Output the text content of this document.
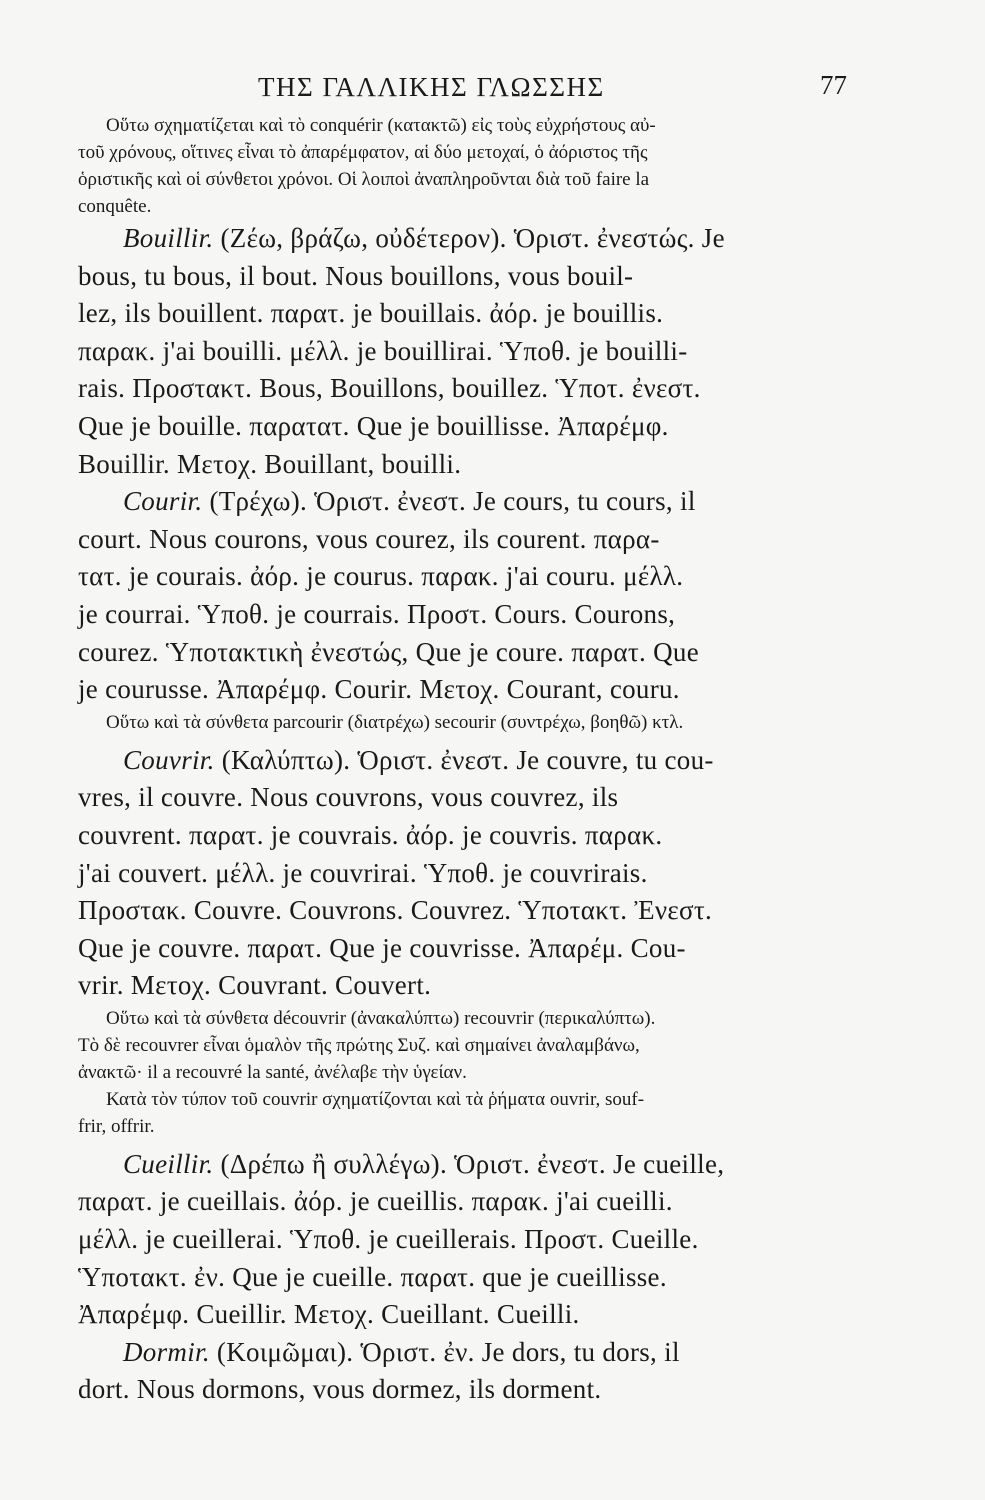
ΤΗΣ ΓΑΛΛΙΚΗΣ ΓΛΩΣΣΗΣ	77
Οὕτω σχηματίζεται καὶ τὸ conquérir (κατακτῶ) εἰς τοὺς εὐχρήστους αὐ-
τοῦ χρόνους, οἵτινες εἶναι τὸ ἀπαρέμφατον, αἱ δύο μετοχαί, ὁ ἀόριστος τῆς
ὁριστικῆς καὶ οἱ σύνθετοι χρόνοι. Οἱ λοιποὶ ἀναπληροῦνται διὰ τοῦ faire la
conquête.
Bouillir. (Ζέω, βράζω, οὐδέτερον). Ὁριστ. ἐνεστώς. Je
bous, tu bous, il bout. Nous bouillons, vous bouil-
lez, ils bouillent. παρατ. je bouillais. ἀόρ. je bouillis.
παρακ. j'ai bouilli. μέλλ. je bouillirai. Ὑποθ. je bouilli-
rais. Προστακτ. Bous, Bouillons, bouillez. Ὑποτ. ἐνεστ.
Que je bouille. παρατατ. Que je bouillisse. Ἀπαρέμφ.
Bouillir. Μετοχ. Bouillant, bouilli.
Courir. (Τρέχω). Ὁριστ. ἐνεστ. Je cours, tu cours, il
court. Nous courons, vous courez, ils courent. παρα-
τατ. je courais. ἀόρ. je courus. παρακ. j'ai couru. μέλλ.
je courrai. Ὑποθ. je courrais. Προστ. Cours. Courons,
courez. Ὑποτακτικὴ ἐνεστώς, Que je coure. παρατ. Que
je courusse. Ἀπαρέμφ. Courir. Μετοχ. Courant, couru.
Οὕτω καὶ τὰ σύνθετα parcourir (διατρέχω) secourir (συντρέχω, βοηθῶ) κτλ.
Couvrir. (Καλύπτω). Ὁριστ. ἐνεστ. Je couvre, tu cou-
vres, il couvre. Nous couvrons, vous couvrez, ils
couvrent. παρατ. je couvrais. ἀόρ. je couvris. παρακ.
j'ai couvert. μέλλ. je couvrirai. Ὑποθ. je couvrirais.
Προστακ. Couvre. Couvrons. Couvrez. Ὑποτακτ. Ἐνεστ.
Que je couvre. παρατ. Que je couvrisse. Ἀπαρέμ. Cou-
vrir. Μετοχ. Couvrant. Couvert.
Οὕτω καὶ τὰ σύνθετα découvrir (ἀνακαλύπτω) recouvrir (περικαλύπτω).
Τὸ δὲ recouvrer εἶναι ὁμαλὸν τῆς πρώτης Συζ. καὶ σημαίνει ἀναλαμβάνω,
ἀνακτῶ· il a recouvré la santé, ἀνέλαβε τὴν ὑγείαν.
Κατὰ τὸν τύπον τοῦ couvrir σχηματίζονται καὶ τὰ ῥήματα ouvrir, souf-
frir, offrir.
Cueillir. (Δρέπω ἢ συλλέγω). Ὁριστ. ἐνεστ. Je cueille,
παρατ. je cueillais. ἀόρ. je cueillis. παρακ. j'ai cueilli.
μέλλ. je cueillerai. Ὑποθ. je cueillerais. Προστ. Cueille.
Ὑποτακτ. ἐν. Que je cueille. παρατ. que je cueillisse.
Ἀπαρέμφ. Cueillir. Μετοχ. Cueillant. Cueilli.
Dormir. (Κοιμῶμαι). Ὁριστ. ἐν. Je dors, tu dors, il
dort. Nous dormons, vous dormez, ils dorment.
